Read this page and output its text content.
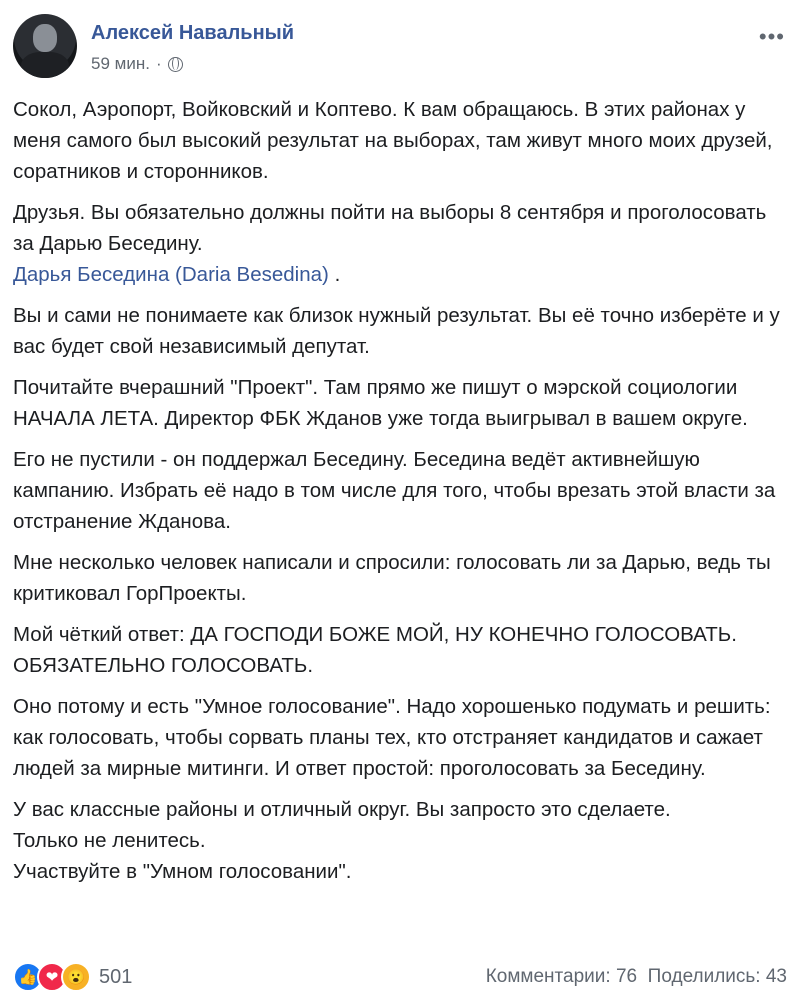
Алексей Навальный
59 мин. ·
•••

Сокол, Аэропорт, Войковский и Коптево. К вам обращаюсь. В этих районах у меня самого был высокий результат на выборах, там живут много моих друзей, соратников и сторонников.

Друзья. Вы обязательно должны пойти на выборы 8 сентября и проголосовать за Дарью Беседину.
Дарья Беседина (Daria Besedina) .

Вы и сами не понимаете как близок нужный результат. Вы её точно изберёте и у вас будет свой независимый депутат.

Почитайте вчерашний "Проект". Там прямо же пишут о мэрской социологии НАЧАЛА ЛЕТА. Директор ФБК Жданов уже тогда выигрывал в вашем округе.

Его не пустили - он поддержал Беседину. Беседина ведёт активнейшую кампанию. Избрать её надо в том числе для того, чтобы врезать этой власти за отстранение Жданова.

Мне несколько человек написали и спросили: голосовать ли за Дарью, ведь ты критиковал ГорПроекты.

Мой чёткий ответ: ДА ГОСПОДИ БОЖЕ МОЙ, НУ КОНЕЧНО ГОЛОСОВАТЬ. ОБЯЗАТЕЛЬНО ГОЛОСОВАТЬ.

Оно потому и есть "Умное голосование". Надо хорошенько подумать и решить: как голосовать, чтобы сорвать планы тех, кто отстраняет кандидатов и сажает людей за мирные митинги. И ответ простой: проголосовать за Беседину.

У вас классные районы и отличный округ. Вы запросто это сделаете.
Только не ленитесь.
Участвуйте в "Умном голосовании".

👍 ❤ 😮 501	Комментарии: 76 Поделились: 43
